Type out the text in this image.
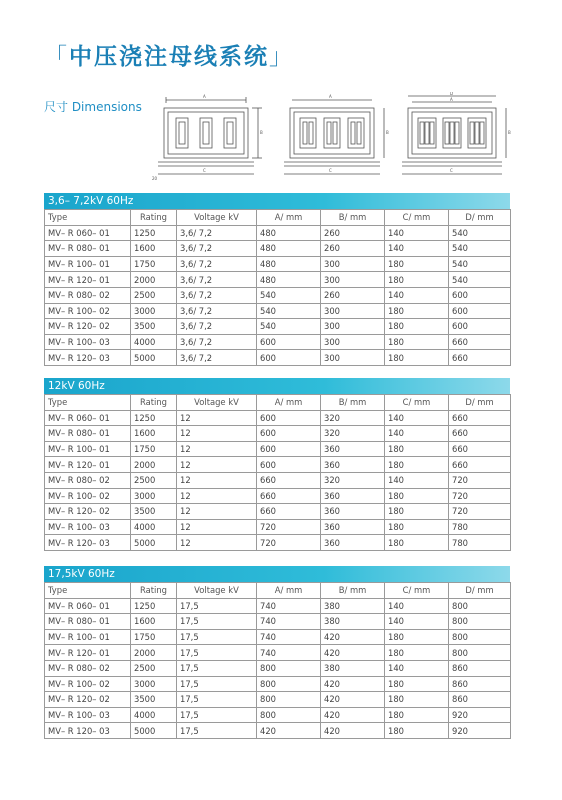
「中压浇注母线系统」
尺寸 Dimensions
A
B
C
20
A
B
C
D
A
B
C
3,6– 7,2kV 60Hz
Type	Rating	Voltage kV	A/ mm	B/ mm	C/ mm	D/ mm
MV– R 060– 01	1250	3,6/ 7,2	480	260	140	540
MV– R 080– 01	1600	3,6/ 7,2	480	260	140	540
MV– R 100– 01	1750	3,6/ 7,2	480	300	180	540
MV– R 120– 01	2000	3,6/ 7,2	480	300	180	540
MV– R 080– 02	2500	3,6/ 7,2	540	260	140	600
MV– R 100– 02	3000	3,6/ 7,2	540	300	180	600
MV– R 120– 02	3500	3,6/ 7,2	540	300	180	600
MV– R 100– 03	4000	3,6/ 7,2	600	300	180	660
MV– R 120– 03	5000	3,6/ 7,2	600	300	180	660
12kV 60Hz
Type	Rating	Voltage kV	A/ mm	B/ mm	C/ mm	D/ mm
MV– R 060– 01	1250	12	600	320	140	660
MV– R 080– 01	1600	12	600	320	140	660
MV– R 100– 01	1750	12	600	360	180	660
MV– R 120– 01	2000	12	600	360	180	660
MV– R 080– 02	2500	12	660	320	140	720
MV– R 100– 02	3000	12	660	360	180	720
MV– R 120– 02	3500	12	660	360	180	720
MV– R 100– 03	4000	12	720	360	180	780
MV– R 120– 03	5000	12	720	360	180	780
17,5kV 60Hz
Type	Rating	Voltage kV	A/ mm	B/ mm	C/ mm	D/ mm
MV– R 060– 01	1250	17,5	740	380	140	800
MV– R 080– 01	1600	17,5	740	380	140	800
MV– R 100– 01	1750	17,5	740	420	180	800
MV– R 120– 01	2000	17,5	740	420	180	800
MV– R 080– 02	2500	17,5	800	380	140	860
MV– R 100– 02	3000	17,5	800	420	180	860
MV– R 120– 02	3500	17,5	800	420	180	860
MV– R 100– 03	4000	17,5	800	420	180	920
MV– R 120– 03	5000	17,5	420	420	180	920
